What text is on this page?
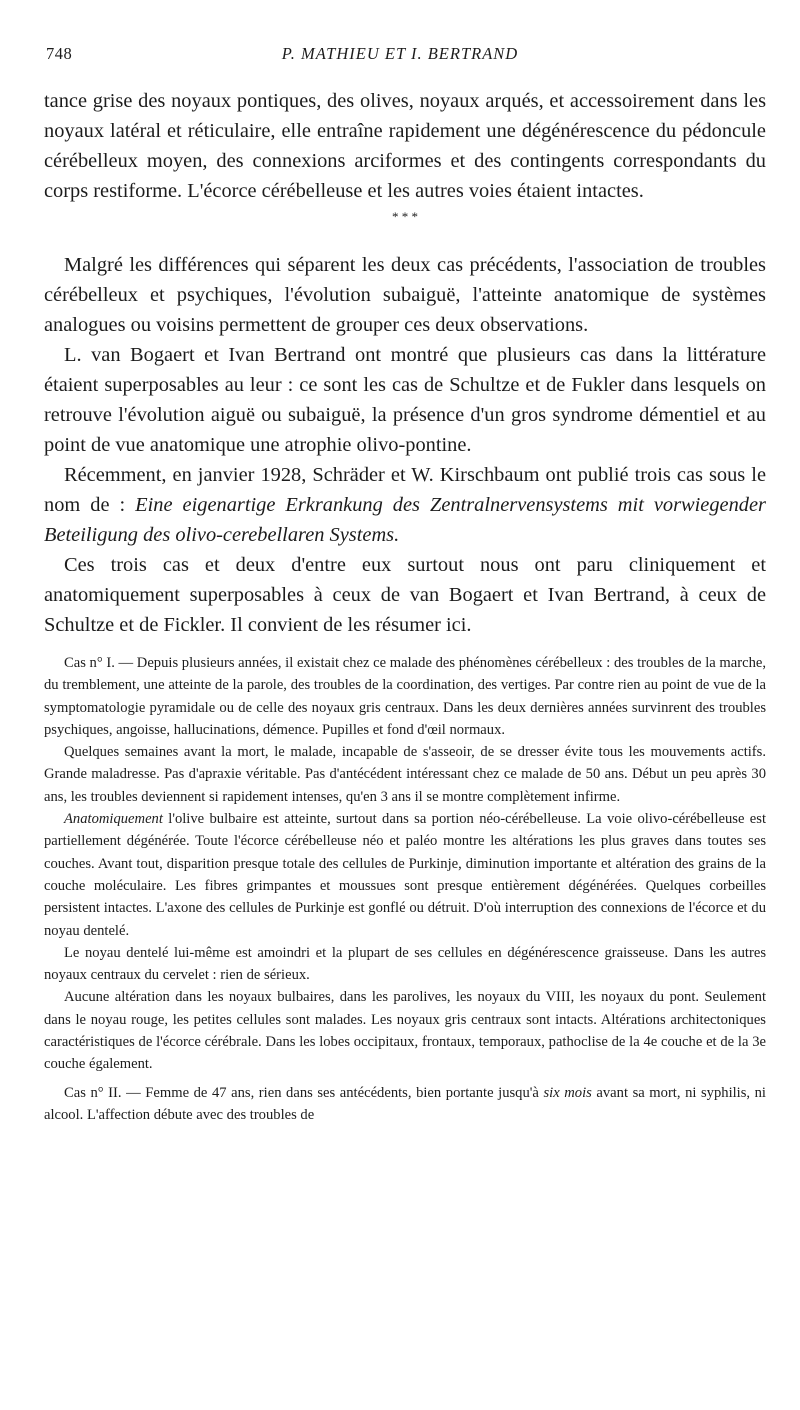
748	P. MATHIEU ET I. BERTRAND

tance grise des noyaux pontiques, des olives, noyaux arqués, et accessoirement dans les noyaux latéral et réticulaire, elle entraîne rapidement une dégénérescence du pédoncule cérébelleux moyen, des connexions arciformes et des contingents correspondants du corps restiforme. L'écorce cérébelleuse et les autres voies étaient intactes.

* * *

Malgré les différences qui séparent les deux cas précédents, l'association de troubles cérébelleux et psychiques, l'évolution subaiguë, l'atteinte anatomique de systèmes analogues ou voisins permettent de grouper ces deux observations.

L. van Bogaert et Ivan Bertrand ont montré que plusieurs cas dans la littérature étaient superposables au leur : ce sont les cas de Schultze et de Fukler dans lesquels on retrouve l'évolution aiguë ou subaiguë, la présence d'un gros syndrome démentiel et au point de vue anatomique une atrophie olivo-pontine.

Récemment, en janvier 1928, Schräder et W. Kirschbaum ont publié trois cas sous le nom de : Eine eigenartige Erkrankung des Zentralnervensystems mit vorwiegender Beteiligung des olivo-cerebellaren Systems.

Ces trois cas et deux d'entre eux surtout nous ont paru cliniquement et anatomiquement superposables à ceux de van Bogaert et Ivan Bertrand, à ceux de Schultze et de Fickler. Il convient de les résumer ici.

Cas n° I. — Depuis plusieurs années, il existait chez ce malade des phénomènes cérébelleux : des troubles de la marche, du tremblement, une atteinte de la parole, des troubles de la coordination, des vertiges. Par contre rien au point de vue de la symptomatologie pyramidale ou de celle des noyaux gris centraux. Dans les deux dernières années survinrent des troubles psychiques, angoisse, hallucinations, démence. Pupilles et fond d'œil normaux.

Quelques semaines avant la mort, le malade, incapable de s'asseoir, de se dresser évite tous les mouvements actifs. Grande maladresse. Pas d'apraxie véritable. Pas d'antécédent intéressant chez ce malade de 50 ans. Début un peu après 30 ans, les troubles deviennent si rapidement intenses, qu'en 3 ans il se montre complètement infirme.

Anatomiquement l'olive bulbaire est atteinte, surtout dans sa portion néo-cérébelleuse. La voie olivo-cérébelleuse est partiellement dégénérée. Toute l'écorce cérébelleuse néo et paléo montre les altérations les plus graves dans toutes ses couches. Avant tout, disparition presque totale des cellules de Purkinje, diminution importante et altération des grains de la couche moléculaire. Les fibres grimpantes et moussues sont presque entièrement dégénérées. Quelques corbeilles persistent intactes. L'axone des cellules de Purkinje est gonflé ou détruit. D'où interruption des connexions de l'écorce et du noyau dentelé.

Le noyau dentelé lui-même est amoindri et la plupart de ses cellules en dégénérescence graisseuse. Dans les autres noyaux centraux du cervelet : rien de sérieux.

Aucune altération dans les noyaux bulbaires, dans les parolives, les noyaux du VIII, les noyaux du pont. Seulement dans le noyau rouge, les petites cellules sont malades. Les noyaux gris centraux sont intacts. Altérations architectoniques caractéristiques de l'écorce cérébrale. Dans les lobes occipitaux, frontaux, temporaux, pathoclise de la 4e couche et de la 3e couche également.

Cas n° II. — Femme de 47 ans, rien dans ses antécédents, bien portante jusqu'à six mois avant sa mort, ni syphilis, ni alcool. L'affection débute avec des troubles de
